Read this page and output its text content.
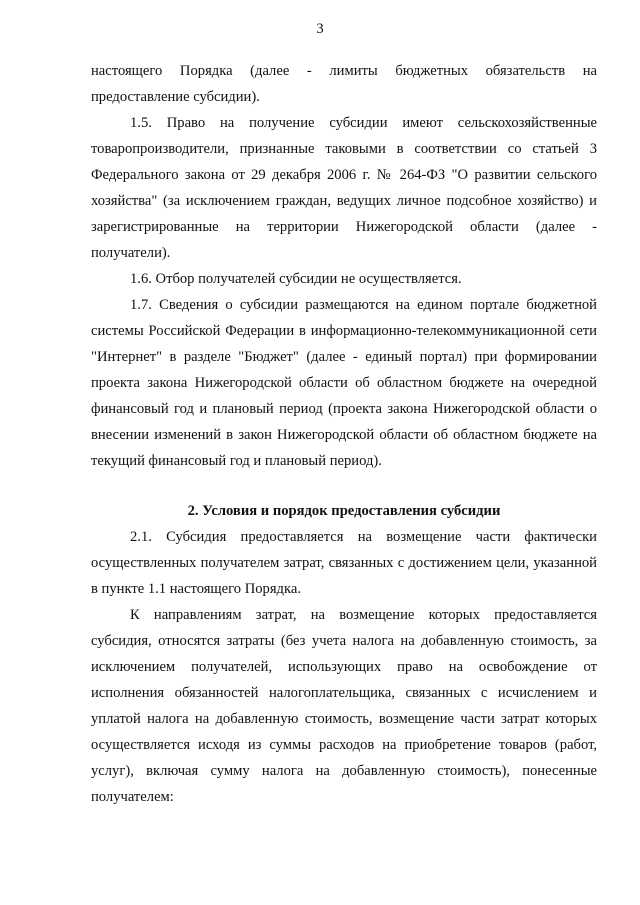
3

настоящего Порядка (далее - лимиты бюджетных обязательств на предоставление субсидии).

1.5. Право на получение субсидии имеют сельскохозяйственные товаропроизводители, признанные таковыми в соответствии со статьей 3 Федерального закона от 29 декабря 2006 г. № 264-ФЗ "О развитии сельского хозяйства" (за исключением граждан, ведущих личное подсобное хозяйство) и зарегистрированные на территории Нижегородской области (далее - получатели).

1.6. Отбор получателей субсидии не осуществляется.

1.7. Сведения о субсидии размещаются на едином портале бюджетной системы Российской Федерации в информационно-телекоммуникационной сети "Интернет" в разделе "Бюджет" (далее - единый портал) при формировании проекта закона Нижегородской области об областном бюджете на очередной финансовый год и плановый период (проекта закона Нижегородской области о внесении изменений в закон Нижегородской области об областном бюджете на текущий финансовый год и плановый период).

2. Условия и порядок предоставления субсидии

2.1. Субсидия предоставляется на возмещение части фактически осуществленных получателем затрат, связанных с достижением цели, указанной в пункте 1.1 настоящего Порядка.

К направлениям затрат, на возмещение которых предоставляется субсидия, относятся затраты (без учета налога на добавленную стоимость, за исключением получателей, использующих право на освобождение от исполнения обязанностей налогоплательщика, связанных с исчислением и уплатой налога на добавленную стоимость, возмещение части затрат которых осуществляется исходя из суммы расходов на приобретение товаров (работ, услуг), включая сумму налога на добавленную стоимость), понесенные получателем:
